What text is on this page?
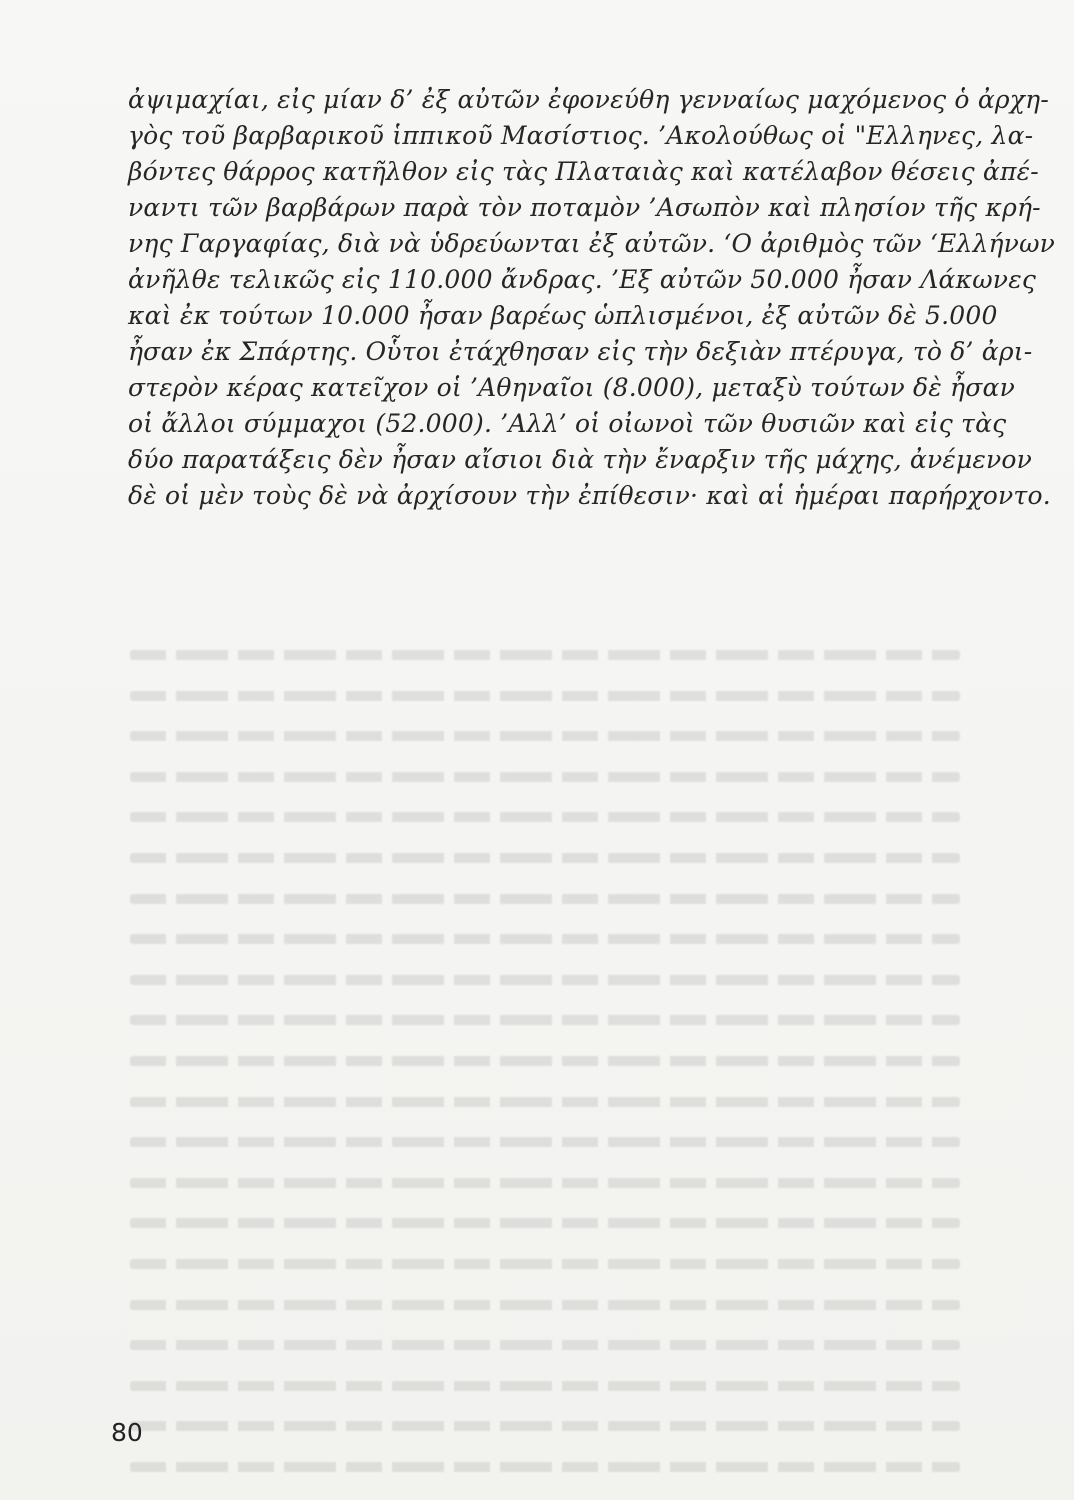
ἀψιμαχίαι, εἰς μίαν δ’ ἐξ αὐτῶν ἐφονεύθη γενναίως μαχόμενος ὁ ἀρχη-
γὸς τοῦ βαρβαρικοῦ ἱππικοῦ Μασίστιος. ’Ακολούθως οἱ "Ελληνες, λα-
βόντες θάρρος κατῆλθον εἰς τὰς Πλαταιὰς καὶ κατέλαβον θέσεις ἀπέ-
ναντι τῶν βαρβάρων παρὰ τὸν ποταμὸν ’Ασωπὸν καὶ πλησίον τῆς κρή-
νης Γαργαφίας, διὰ νὰ ὑδρεύωνται ἐξ αὐτῶν. ‘Ο ἀριθμὸς τῶν ‘Ελλήνων
ἀνῆλθε τελικῶς εἰς 110.000 ἄνδρας. ’Εξ αὐτῶν 50.000 ἦσαν Λάκωνες
καὶ ἐκ τούτων 10.000 ἦσαν βαρέως ὡπλισμένοι, ἐξ αὐτῶν δὲ 5.000
ἦσαν ἐκ Σπάρτης. Οὗτοι ἐτάχθησαν εἰς τὴν δεξιὰν πτέρυγα, τὸ δ’ ἀρι-
στερὸν κέρας κατεῖχον οἱ ’Αθηναῖοι (8.000), μεταξὺ τούτων δὲ ἦσαν
οἱ ἄλλοι σύμμαχοι (52.000). ’Αλλ’ οἱ οἰωνοὶ τῶν θυσιῶν καὶ εἰς τὰς
δύο παρατάξεις δὲν ἦσαν αἴσιοι διὰ τὴν ἔναρξιν τῆς μάχης, ἀνέμενον
δὲ οἱ μὲν τοὺς δὲ νὰ ἀρχίσουν τὴν ἐπίθεσιν· καὶ αἱ ἡμέραι παρήρχοντο.
80
